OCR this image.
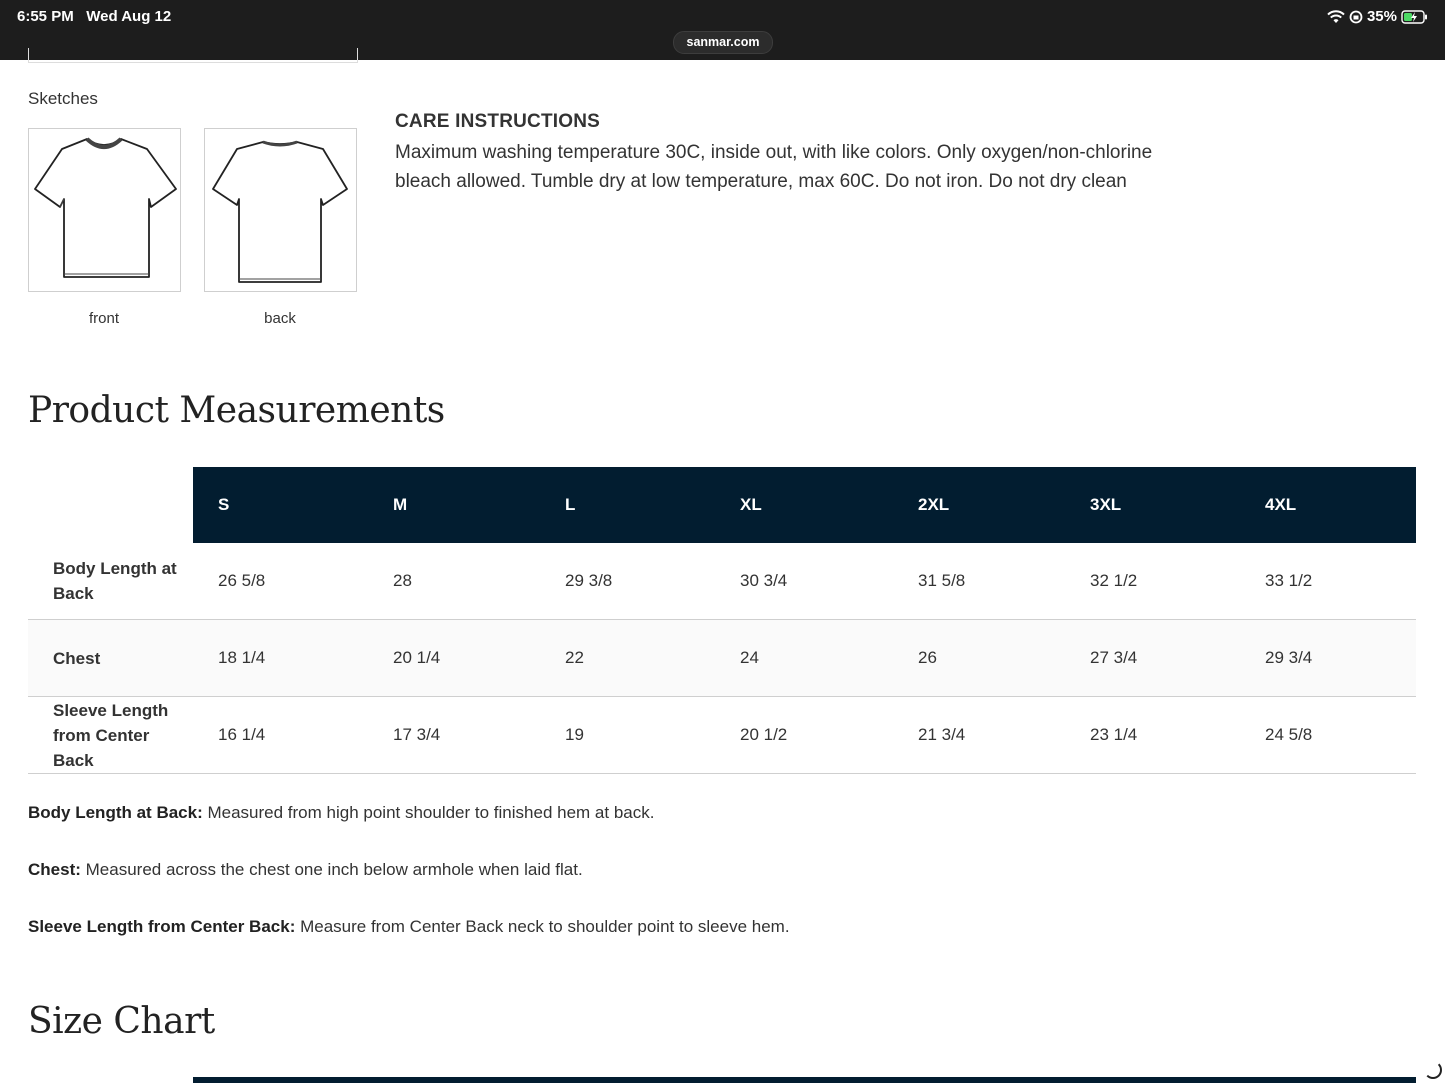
6:55 PM Wed Aug 12	35%
sanmar.com
Sketches
front	back
CARE INSTRUCTIONS
Maximum washing temperature 30C, inside out, with like colors. Only oxygen/non-chlorine bleach allowed. Tumble dry at low temperature, max 60C. Do not iron. Do not dry clean
Product Measurements
	S	M	L	XL	2XL	3XL	4XL
Body Length at Back	26 5/8	28	29 3/8	30 3/4	31 5/8	32 1/2	33 1/2
Chest	18 1/4	20 1/4	22	24	26	27 3/4	29 3/4
Sleeve Length from Center Back	16 1/4	17 3/4	19	20 1/2	21 3/4	23 1/4	24 5/8
Body Length at Back: Measured from high point shoulder to finished hem at back.
Chest: Measured across the chest one inch below armhole when laid flat.
Sleeve Length from Center Back: Measure from Center Back neck to shoulder point to sleeve hem.
Size Chart
